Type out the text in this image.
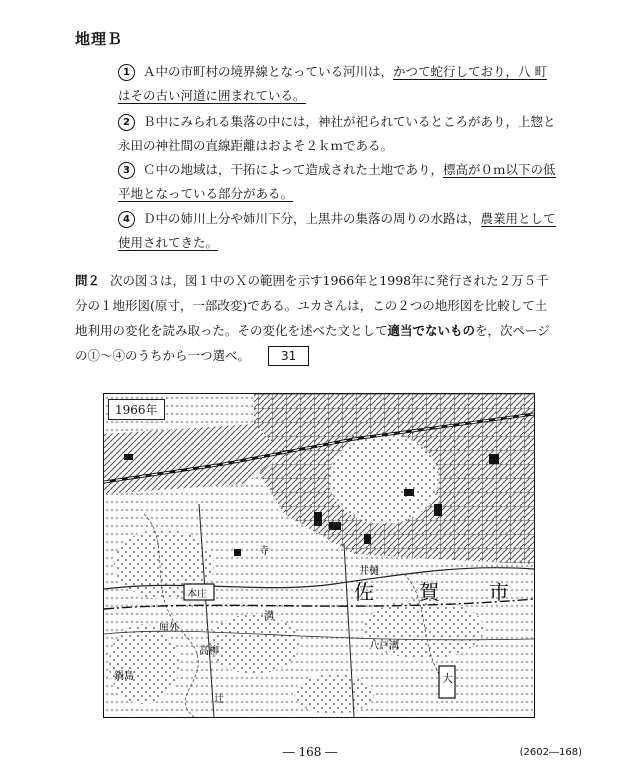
地理Ｂ
1 Ａ中の市町村の境界線となっている河川は，かつて蛇行しており，八 町はその古い河道に囲まれている。
2 Ｂ中にみられる集落の中には，神社が祀られているところがあり，上惣と永田の神社間の直線距離はおよそ２ｋｍである。
3 Ｃ中の地域は，干拓によって造成された土地であり，標高が０ｍ以下の低平地となっている部分がある。
4 Ｄ中の姉川上分や姉川下分，上黒井の集落の周りの水路は，農業用として使用されてきた。
問２ 次の図３は，図１中のＸの範囲を示す1966年と1998年に発行された２万５千分の１地形図(原寸，一部改変)である。ユカさんは，この２つの地形図を比較して土地利用の変化を読み取った。その変化を述べた文として適当でないものを，次ページの①～④のうちから一つ選べ。	31
佐 賀	市
本庄
厘外
高柳
井樋
八戸溝
大
寺
辻
溝
鍋島
1966年
― 168 ―	(2602―168)
